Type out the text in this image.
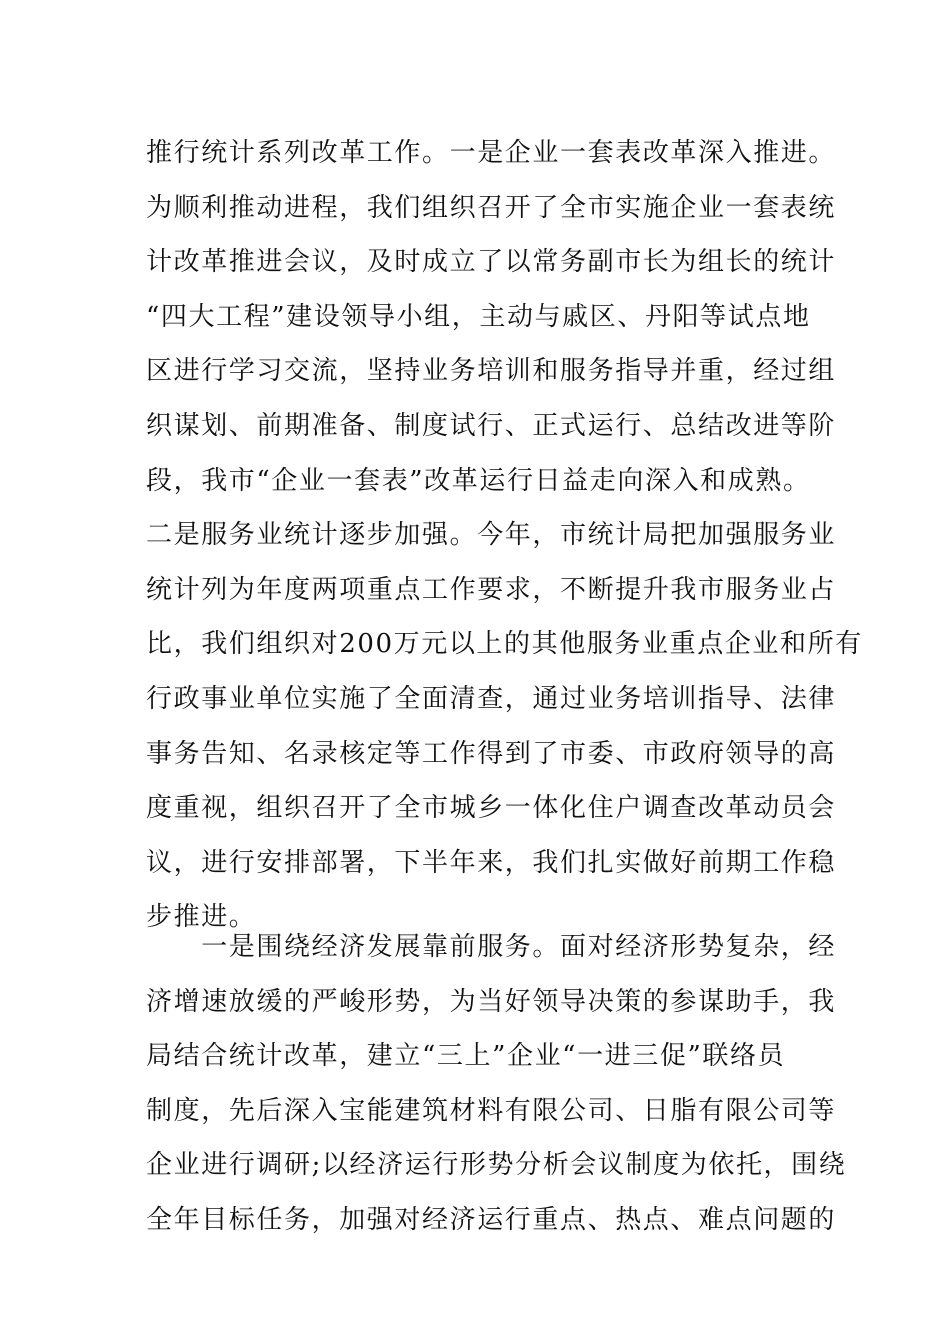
推行统计系列改革工作。一是企业一套表改革深入推进。
为顺利推动进程，我们组织召开了全市实施企业一套表统
计改革推进会议，及时成立了以常务副市长为组长的统计
“四大工程”建设领导小组，主动与戚区、丹阳等试点地
区进行学习交流，坚持业务培训和服务指导并重，经过组
织谋划、前期准备、制度试行、正式运行、总结改进等阶
段，我市“企业一套表”改革运行日益走向深入和成熟。
二是服务业统计逐步加强。今年，市统计局把加强服务业
统计列为年度两项重点工作要求，不断提升我市服务业占
比，我们组织对200万元以上的其他服务业重点企业和所有
行政事业单位实施了全面清查，通过业务培训指导、法律
事务告知、名录核定等工作得到了市委、市政府领导的高
度重视，组织召开了全市城乡一体化住户调查改革动员会
议，进行安排部署，下半年来，我们扎实做好前期工作稳
步推进。
　　一是围绕经济发展靠前服务。面对经济形势复杂，经
济增速放缓的严峻形势，为当好领导决策的参谋助手，我
局结合统计改革，建立“三上”企业“一进三促”联络员
制度，先后深入宝能建筑材料有限公司、日脂有限公司等
企业进行调研;以经济运行形势分析会议制度为依托，围绕
全年目标任务，加强对经济运行重点、热点、难点问题的
